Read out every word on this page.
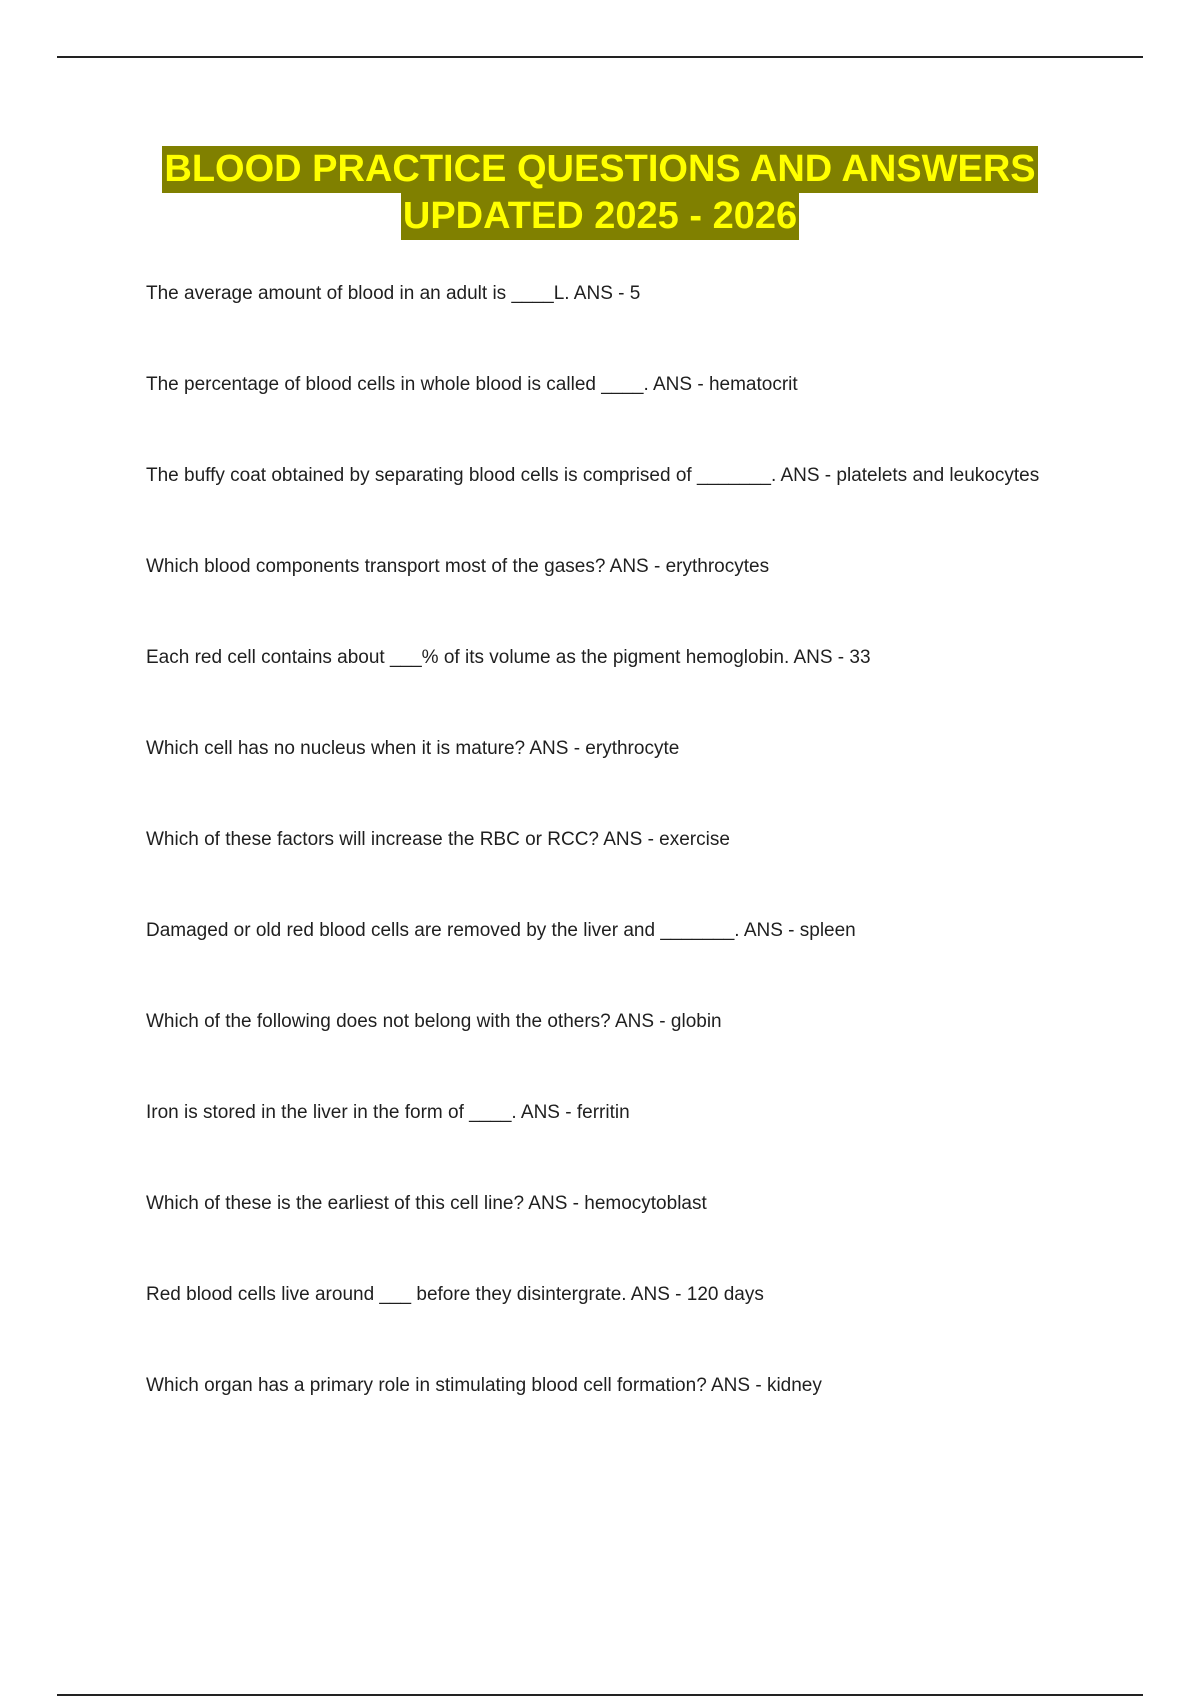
BLOOD PRACTICE QUESTIONS AND ANSWERS
UPDATED 2025 - 2026
The average amount of blood in an adult is ____L. ANS - 5
The percentage of blood cells in whole blood is called ____. ANS - hematocrit
The buffy coat obtained by separating blood cells is comprised of _______. ANS - platelets and leukocytes
Which blood components transport most of the gases? ANS - erythrocytes
Each red cell contains about ___% of its volume as the pigment hemoglobin. ANS - 33
Which cell has no nucleus when it is mature? ANS - erythrocyte
Which of these factors will increase the RBC or RCC? ANS - exercise
Damaged or old red blood cells are removed by the liver and _______. ANS - spleen
Which of the following does not belong with the others? ANS - globin
Iron is stored in the liver in the form of ____. ANS - ferritin
Which of these is the earliest of this cell line? ANS - hemocytoblast
Red blood cells live around ___ before they disintergrate. ANS - 120 days
Which organ has a primary role in stimulating blood cell formation? ANS - kidney
